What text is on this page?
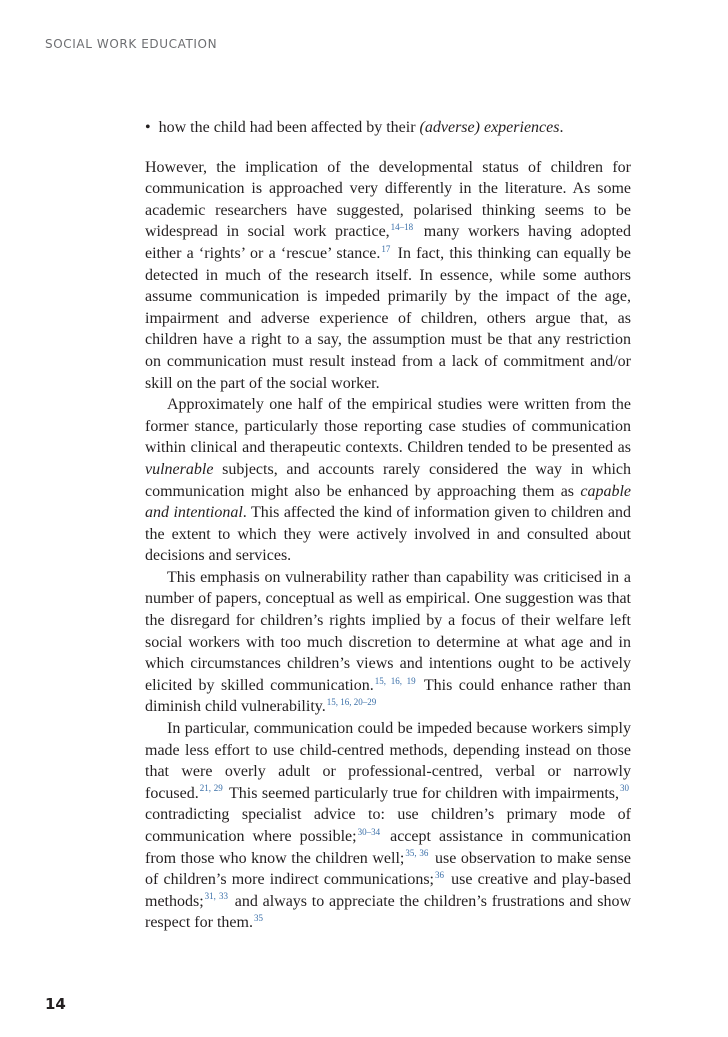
SOCIAL WORK EDUCATION

• how the child had been affected by their (adverse) experiences.

However, the implication of the developmental status of children for communication is approached very differently in the literature. As some academic researchers have suggested, polarised thinking seems to be widespread in social work practice,$^{14-18}$ many workers having adopted either a ‘rights’ or a ‘rescue’ stance.$^{17}$ In fact, this thinking can equally be detected in much of the research itself. In essence, while some authors assume communication is impeded primarily by the impact of the age, impairment and adverse experience of children, others argue that, as children have a right to a say, the assumption must be that any restriction on communication must result instead from a lack of commitment and/or skill on the part of the social worker.

Approximately one half of the empirical studies were written from the former stance, particularly those reporting case studies of communication within clinical and therapeutic contexts. Children tended to be presented as vulnerable subjects, and accounts rarely considered the way in which communication might also be enhanced by approaching them as capable and intentional. This affected the kind of information given to children and the extent to which they were actively involved in and consulted about decisions and services.

This emphasis on vulnerability rather than capability was criticised in a number of papers, conceptual as well as empirical. One suggestion was that the disregard for children’s rights implied by a focus of their welfare left social workers with too much discretion to determine at what age and in which circumstances children’s views and intentions ought to be actively elicited by skilled communication.$^{15, 16, 19}$ This could enhance rather than diminish child vulnerability.$^{15, 16, 20-29}$

In particular, communication could be impeded because workers simply made less effort to use child-centred methods, depending instead on those that were overly adult or professional-centred, verbal or narrowly focused.$^{21, 29}$ This seemed particularly true for children with impairments,$^{30}$ contradicting specialist advice to: use children’s primary mode of communication where possible;$^{30-34}$ accept assistance in communication from those who know the children well;$^{35, 36}$ use observation to make sense of children’s more indirect communications;$^{36}$ use creative and play-based methods;$^{31, 33}$ and always to appreciate the children’s frustrations and show respect for them.$^{35}$

14
